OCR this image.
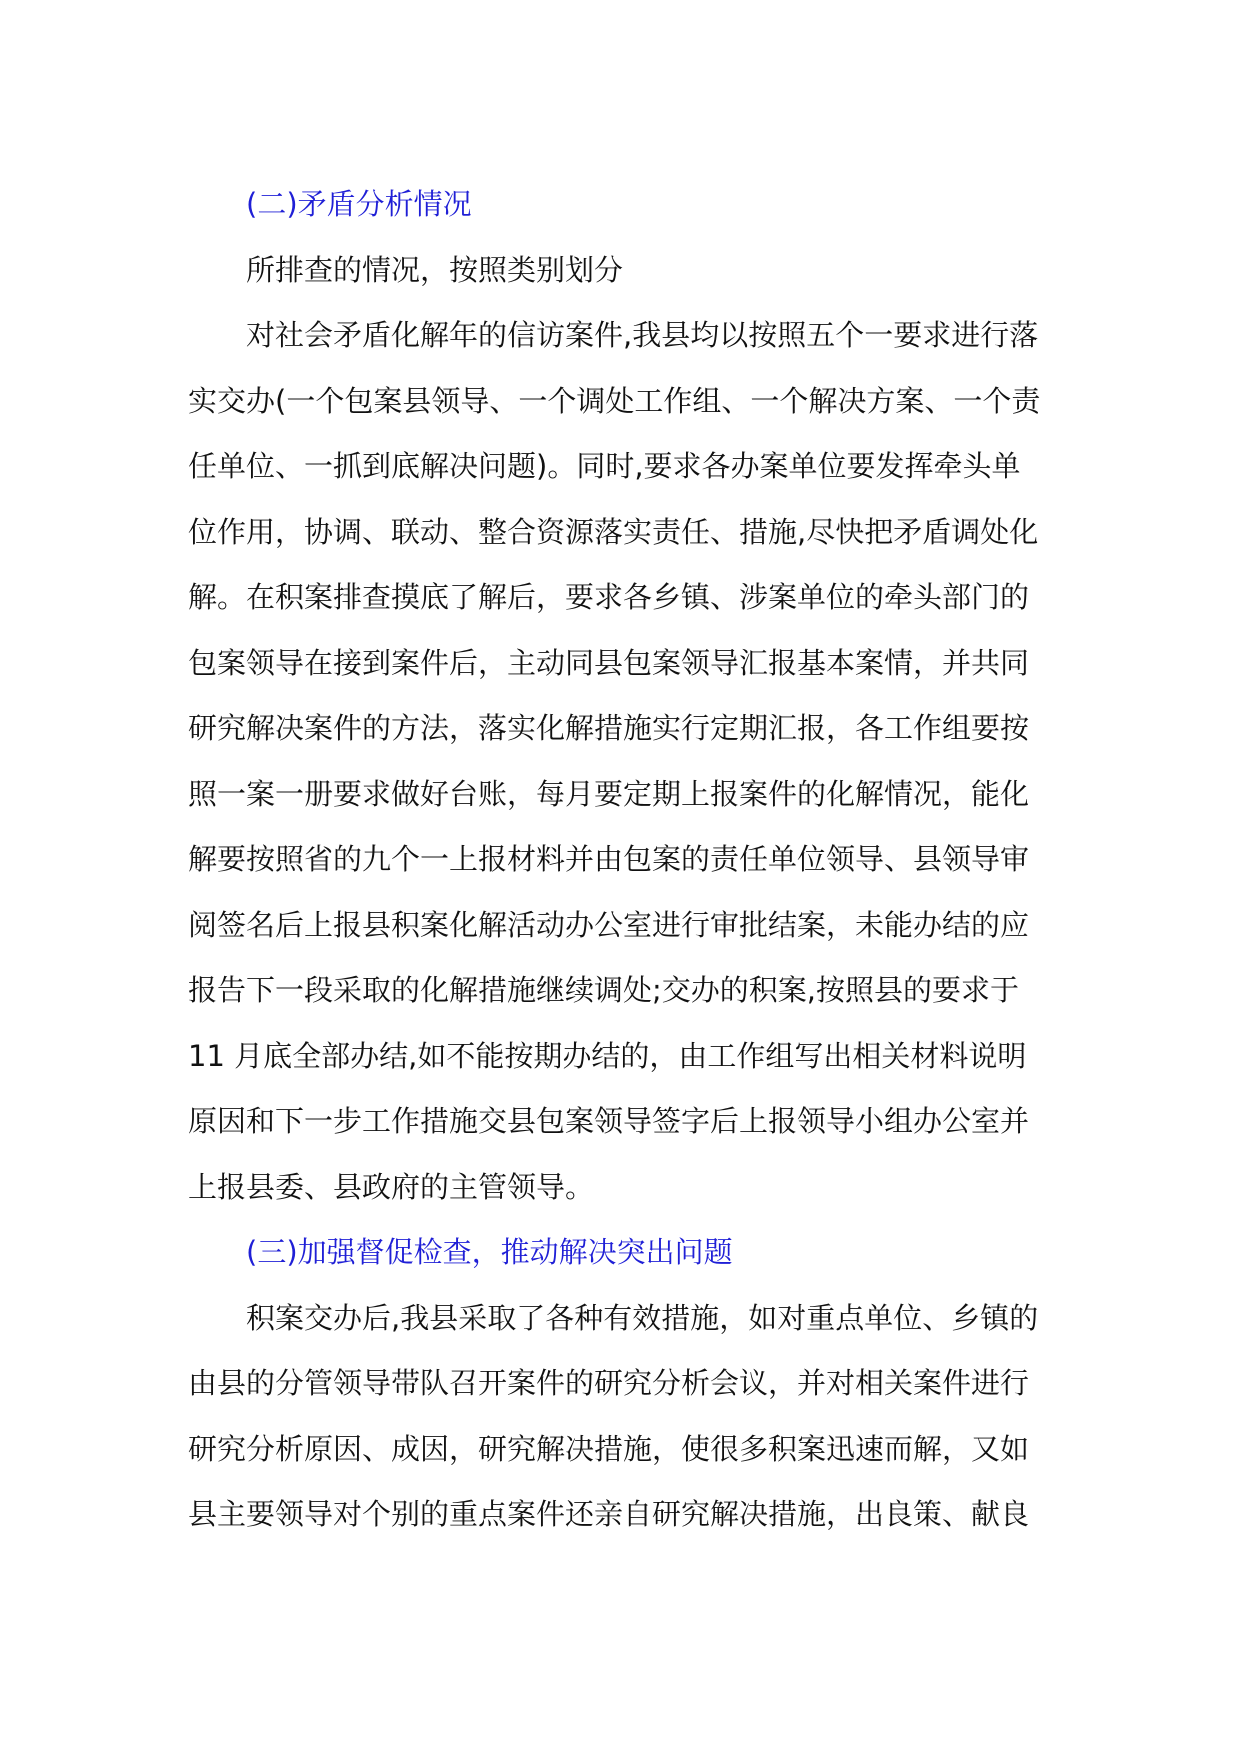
(二)矛盾分析情况
所排查的情况，按照类别划分
对社会矛盾化解年的信访案件,我县均以按照五个一要求进行落
实交办(一个包案县领导、一个调处工作组、一个解决方案、一个责
任单位、一抓到底解决问题)。同时,要求各办案单位要发挥牵头单
位作用，协调、联动、整合资源落实责任、措施,尽快把矛盾调处化
解。在积案排查摸底了解后，要求各乡镇、涉案单位的牵头部门的
包案领导在接到案件后，主动同县包案领导汇报基本案情，并共同
研究解决案件的方法，落实化解措施实行定期汇报，各工作组要按
照一案一册要求做好台账，每月要定期上报案件的化解情况，能化
解要按照省的九个一上报材料并由包案的责任单位领导、县领导审
阅签名后上报县积案化解活动办公室进行审批结案，未能办结的应
报告下一段采取的化解措施继续调处;交办的积案,按照县的要求于
11 月底全部办结,如不能按期办结的，由工作组写出相关材料说明
原因和下一步工作措施交县包案领导签字后上报领导小组办公室并
上报县委、县政府的主管领导。
(三)加强督促检查，推动解决突出问题
积案交办后,我县采取了各种有效措施，如对重点单位、乡镇的
由县的分管领导带队召开案件的研究分析会议，并对相关案件进行
研究分析原因、成因，研究解决措施，使很多积案迅速而解，又如
县主要领导对个别的重点案件还亲自研究解决措施，出良策、献良
